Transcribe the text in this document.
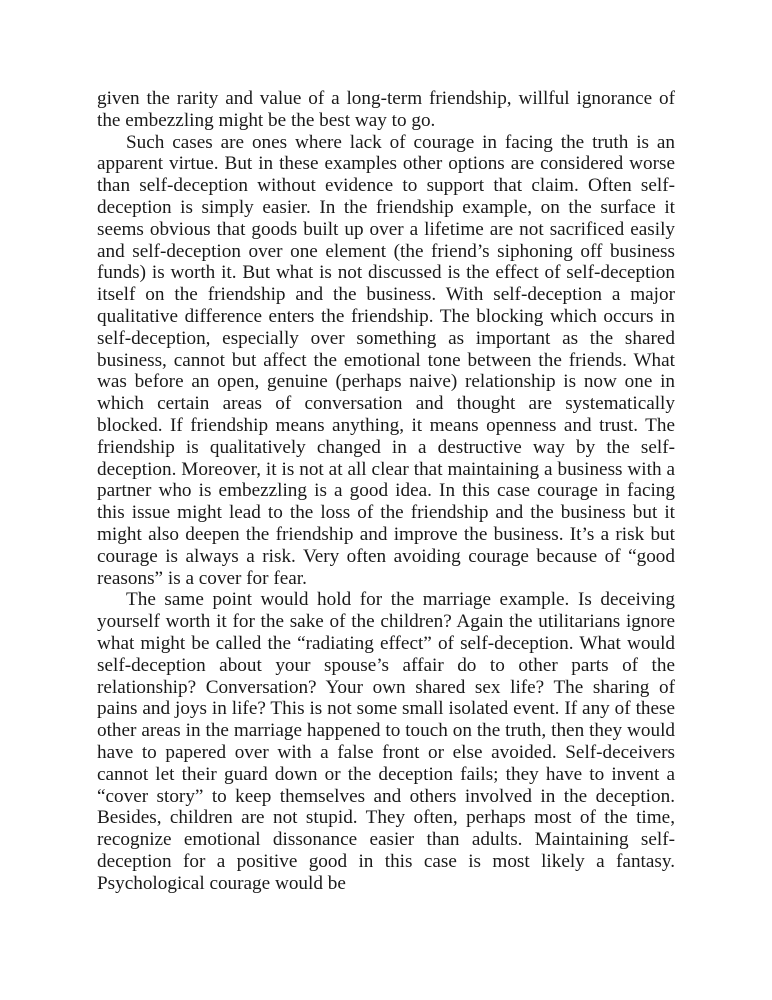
given the rarity and value of a long-term friendship, willful ignorance of the embezzling might be the best way to go.

Such cases are ones where lack of courage in facing the truth is an apparent virtue. But in these examples other options are considered worse than self-deception without evidence to support that claim. Often self-deception is simply easier. In the friendship example, on the surface it seems obvious that goods built up over a lifetime are not sacrificed easily and self-deception over one element (the friend’s siphoning off business funds) is worth it. But what is not discussed is the effect of self-deception itself on the friendship and the business. With self-deception a major qualitative difference enters the friendship. The blocking which occurs in self-deception, especially over something as important as the shared business, cannot but affect the emotional tone between the friends. What was before an open, genuine (perhaps naive) relationship is now one in which certain areas of conversation and thought are systematically blocked. If friendship means anything, it means openness and trust. The friendship is qualitatively changed in a destructive way by the self-deception. Moreover, it is not at all clear that maintaining a business with a partner who is embezzling is a good idea. In this case courage in facing this issue might lead to the loss of the friendship and the business but it might also deepen the friendship and improve the business. It’s a risk but courage is always a risk. Very often avoiding courage because of “good reasons” is a cover for fear.

The same point would hold for the marriage example. Is deceiving yourself worth it for the sake of the children? Again the utilitarians ignore what might be called the “radiating effect” of self-deception. What would self-deception about your spouse’s affair do to other parts of the relationship? Conversation? Your own shared sex life? The sharing of pains and joys in life? This is not some small isolated event. If any of these other areas in the marriage happened to touch on the truth, then they would have to papered over with a false front or else avoided. Self-deceivers cannot let their guard down or the deception fails; they have to invent a “cover story” to keep themselves and others involved in the deception. Besides, children are not stupid. They often, perhaps most of the time, recognize emotional dissonance easier than adults. Maintaining self-deception for a positive good in this case is most likely a fantasy. Psychological courage would be
